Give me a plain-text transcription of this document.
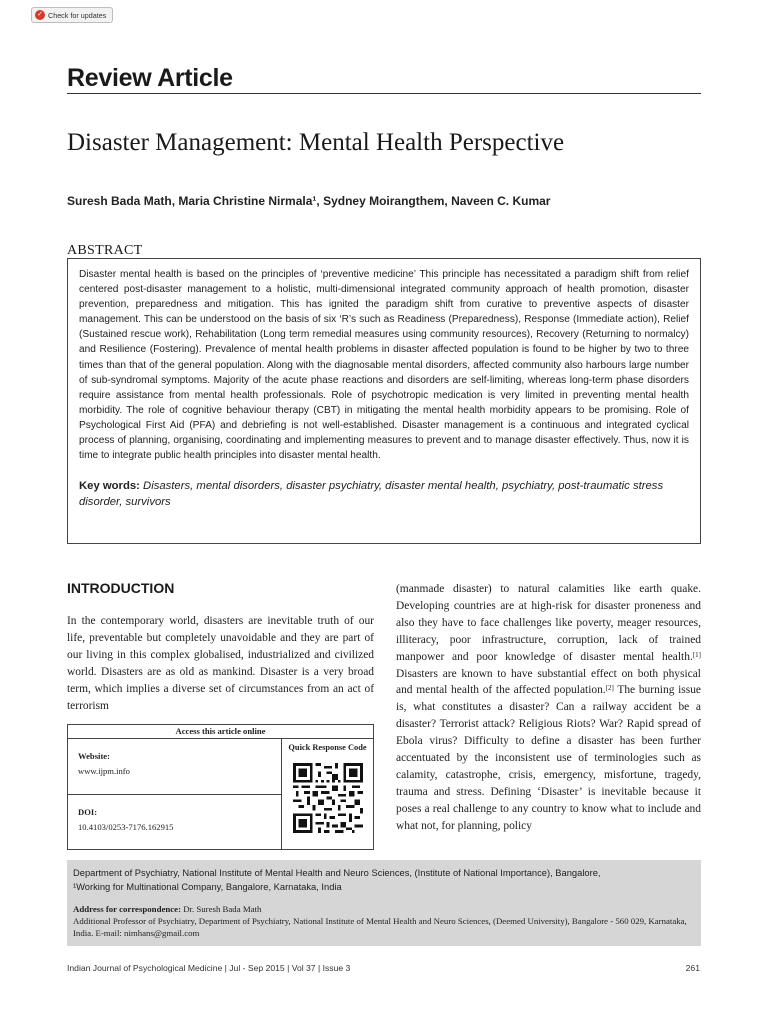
✓ Check for updates
Review Article
Disaster Management: Mental Health Perspective
Suresh Bada Math, Maria Christine Nirmala¹, Sydney Moirangthem, Naveen C. Kumar
ABSTRACT

Disaster mental health is based on the principles of ‘preventive medicine’ This principle has necessitated a paradigm shift from relief centered post-disaster management to a holistic, multi-dimensional integrated community approach of health promotion, disaster prevention, preparedness and mitigation. This has ignited the paradigm shift from curative to preventive aspects of disaster management. This can be understood on the basis of six ‘R’s such as Readiness (Preparedness), Response (Immediate action), Relief (Sustained rescue work), Rehabilitation (Long term remedial measures using community resources), Recovery (Returning to normalcy) and Resilience (Fostering). Prevalence of mental health problems in disaster affected population is found to be higher by two to three times than that of the general population. Along with the diagnosable mental disorders, affected community also harbours large number of sub-syndromal symptoms. Majority of the acute phase reactions and disorders are self-limiting, whereas long-term phase disorders require assistance from mental health professionals. Role of psychotropic medication is very limited in preventing mental health morbidity. The role of cognitive behaviour therapy (CBT) in mitigating the mental health morbidity appears to be promising. Role of Psychological First Aid (PFA) and debriefing is not well-established. Disaster management is a continuous and integrated cyclical process of planning, organising, coordinating and implementing measures to prevent and to manage disaster effectively. Thus, now it is time to integrate public health principles into disaster mental health.

Key words: Disasters, mental disorders, disaster psychiatry, disaster mental health, psychiatry, post-traumatic stress disorder, survivors

INTRODUCTION

In the contemporary world, disasters are inevitable truth of our life, preventable but completely unavoidable and they are part of our living in this complex globalised, industrialized and civilized world. Disasters are as old as mankind. Disaster is a very broad term, which implies a diverse set of circumstances from an act of terrorism

Access this article online
Website:
www.ijpm.info
DOI:
10.4103/0253-7176.162915
Quick Response Code
(manmade disaster) to natural calamities like earth quake. Developing countries are at high-risk for disaster proneness and also they have to face challenges like poverty, meager resources, illiteracy, poor infrastructure, corruption, lack of trained manpower and poor knowledge of disaster mental health.[1] Disasters are known to have substantial effect on both physical and mental health of the affected population.[2] The burning issue is, what constitutes a disaster? Can a railway accident be a disaster? Terrorist attack? Religious Riots? War? Rapid spread of Ebola virus? Difficulty to define a disaster has been further accentuated by the inconsistent use of terminologies such as calamity, catastrophe, crisis, emergency, misfortune, tragedy, trauma and stress. Defining ‘Disaster’ is inevitable because it poses a real challenge to any country to know what to include and what not, for planning, policy
Department of Psychiatry, National Institute of Mental Health and Neuro Sciences, (Institute of National Importance), Bangalore,
¹Working for Multinational Company, Bangalore, Karnataka, India
Address for correspondence: Dr. Suresh Bada Math
Additional Professor of Psychiatry, Department of Psychiatry, National Institute of Mental Health and Neuro Sciences, (Deemed University), Bangalore - 560 029, Karnataka, India. E-mail: nimhans@gmail.com
Indian Journal of Psychological Medicine | Jul - Sep 2015 | Vol 37 | Issue 3	261
